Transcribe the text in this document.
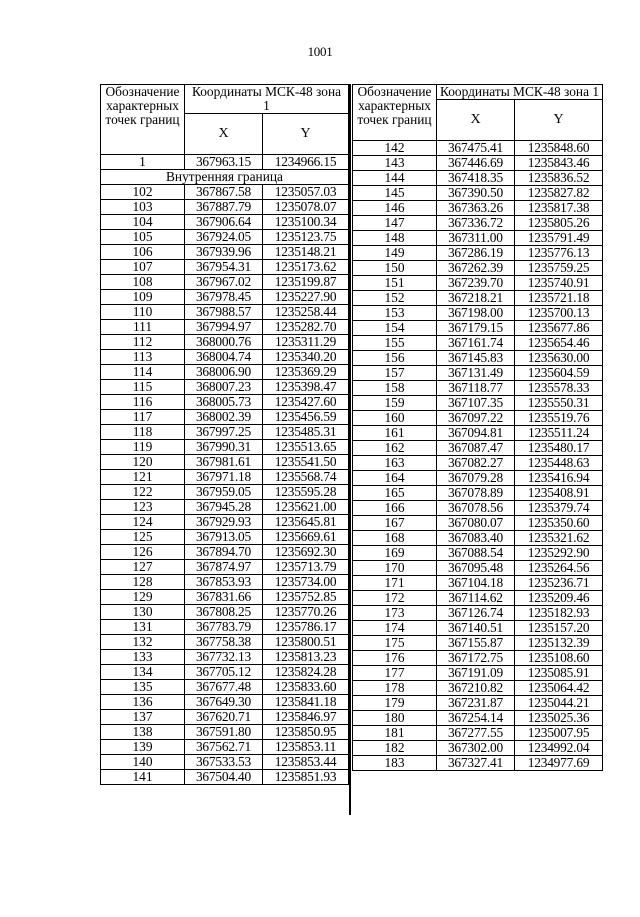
1001
Обозначение характерных точек границ	Координаты МСК-48 зона 1	
	X	Y
1	367963.15	1234966.15
Внутренняя граница		
102	367867.58	1235057.03
103	367887.79	1235078.07
104	367906.64	1235100.34
105	367924.05	1235123.75
106	367939.96	1235148.21
107	367954.31	1235173.62
108	367967.02	1235199.87
109	367978.45	1235227.90
110	367988.57	1235258.44
111	367994.97	1235282.70
112	368000.76	1235311.29
113	368004.74	1235340.20
114	368006.90	1235369.29
115	368007.23	1235398.47
116	368005.73	1235427.60
117	368002.39	1235456.59
118	367997.25	1235485.31
119	367990.31	1235513.65
120	367981.61	1235541.50
121	367971.18	1235568.74
122	367959.05	1235595.28
123	367945.28	1235621.00
124	367929.93	1235645.81
125	367913.05	1235669.61
126	367894.70	1235692.30
127	367874.97	1235713.79
128	367853.93	1235734.00
129	367831.66	1235752.85
130	367808.25	1235770.26
131	367783.79	1235786.17
132	367758.38	1235800.51
133	367732.13	1235813.23
134	367705.12	1235824.28
135	367677.48	1235833.60
136	367649.30	1235841.18
137	367620.71	1235846.97
138	367591.80	1235850.95
139	367562.71	1235853.11
140	367533.53	1235853.44
141	367504.40	1235851.93
Обозначение характерных точек границ	Координаты МСК-48 зона 1	
	X	Y
142	367475.41	1235848.60
143	367446.69	1235843.46
144	367418.35	1235836.52
145	367390.50	1235827.82
146	367363.26	1235817.38
147	367336.72	1235805.26
148	367311.00	1235791.49
149	367286.19	1235776.13
150	367262.39	1235759.25
151	367239.70	1235740.91
152	367218.21	1235721.18
153	367198.00	1235700.13
154	367179.15	1235677.86
155	367161.74	1235654.46
156	367145.83	1235630.00
157	367131.49	1235604.59
158	367118.77	1235578.33
159	367107.35	1235550.31
160	367097.22	1235519.76
161	367094.81	1235511.24
162	367087.47	1235480.17
163	367082.27	1235448.63
164	367079.28	1235416.94
165	367078.89	1235408.91
166	367078.56	1235379.74
167	367080.07	1235350.60
168	367083.40	1235321.62
169	367088.54	1235292.90
170	367095.48	1235264.56
171	367104.18	1235236.71
172	367114.62	1235209.46
173	367126.74	1235182.93
174	367140.51	1235157.20
175	367155.87	1235132.39
176	367172.75	1235108.60
177	367191.09	1235085.91
178	367210.82	1235064.42
179	367231.87	1235044.21
180	367254.14	1235025.36
181	367277.55	1235007.95
182	367302.00	1234992.04
183	367327.41	1234977.69
